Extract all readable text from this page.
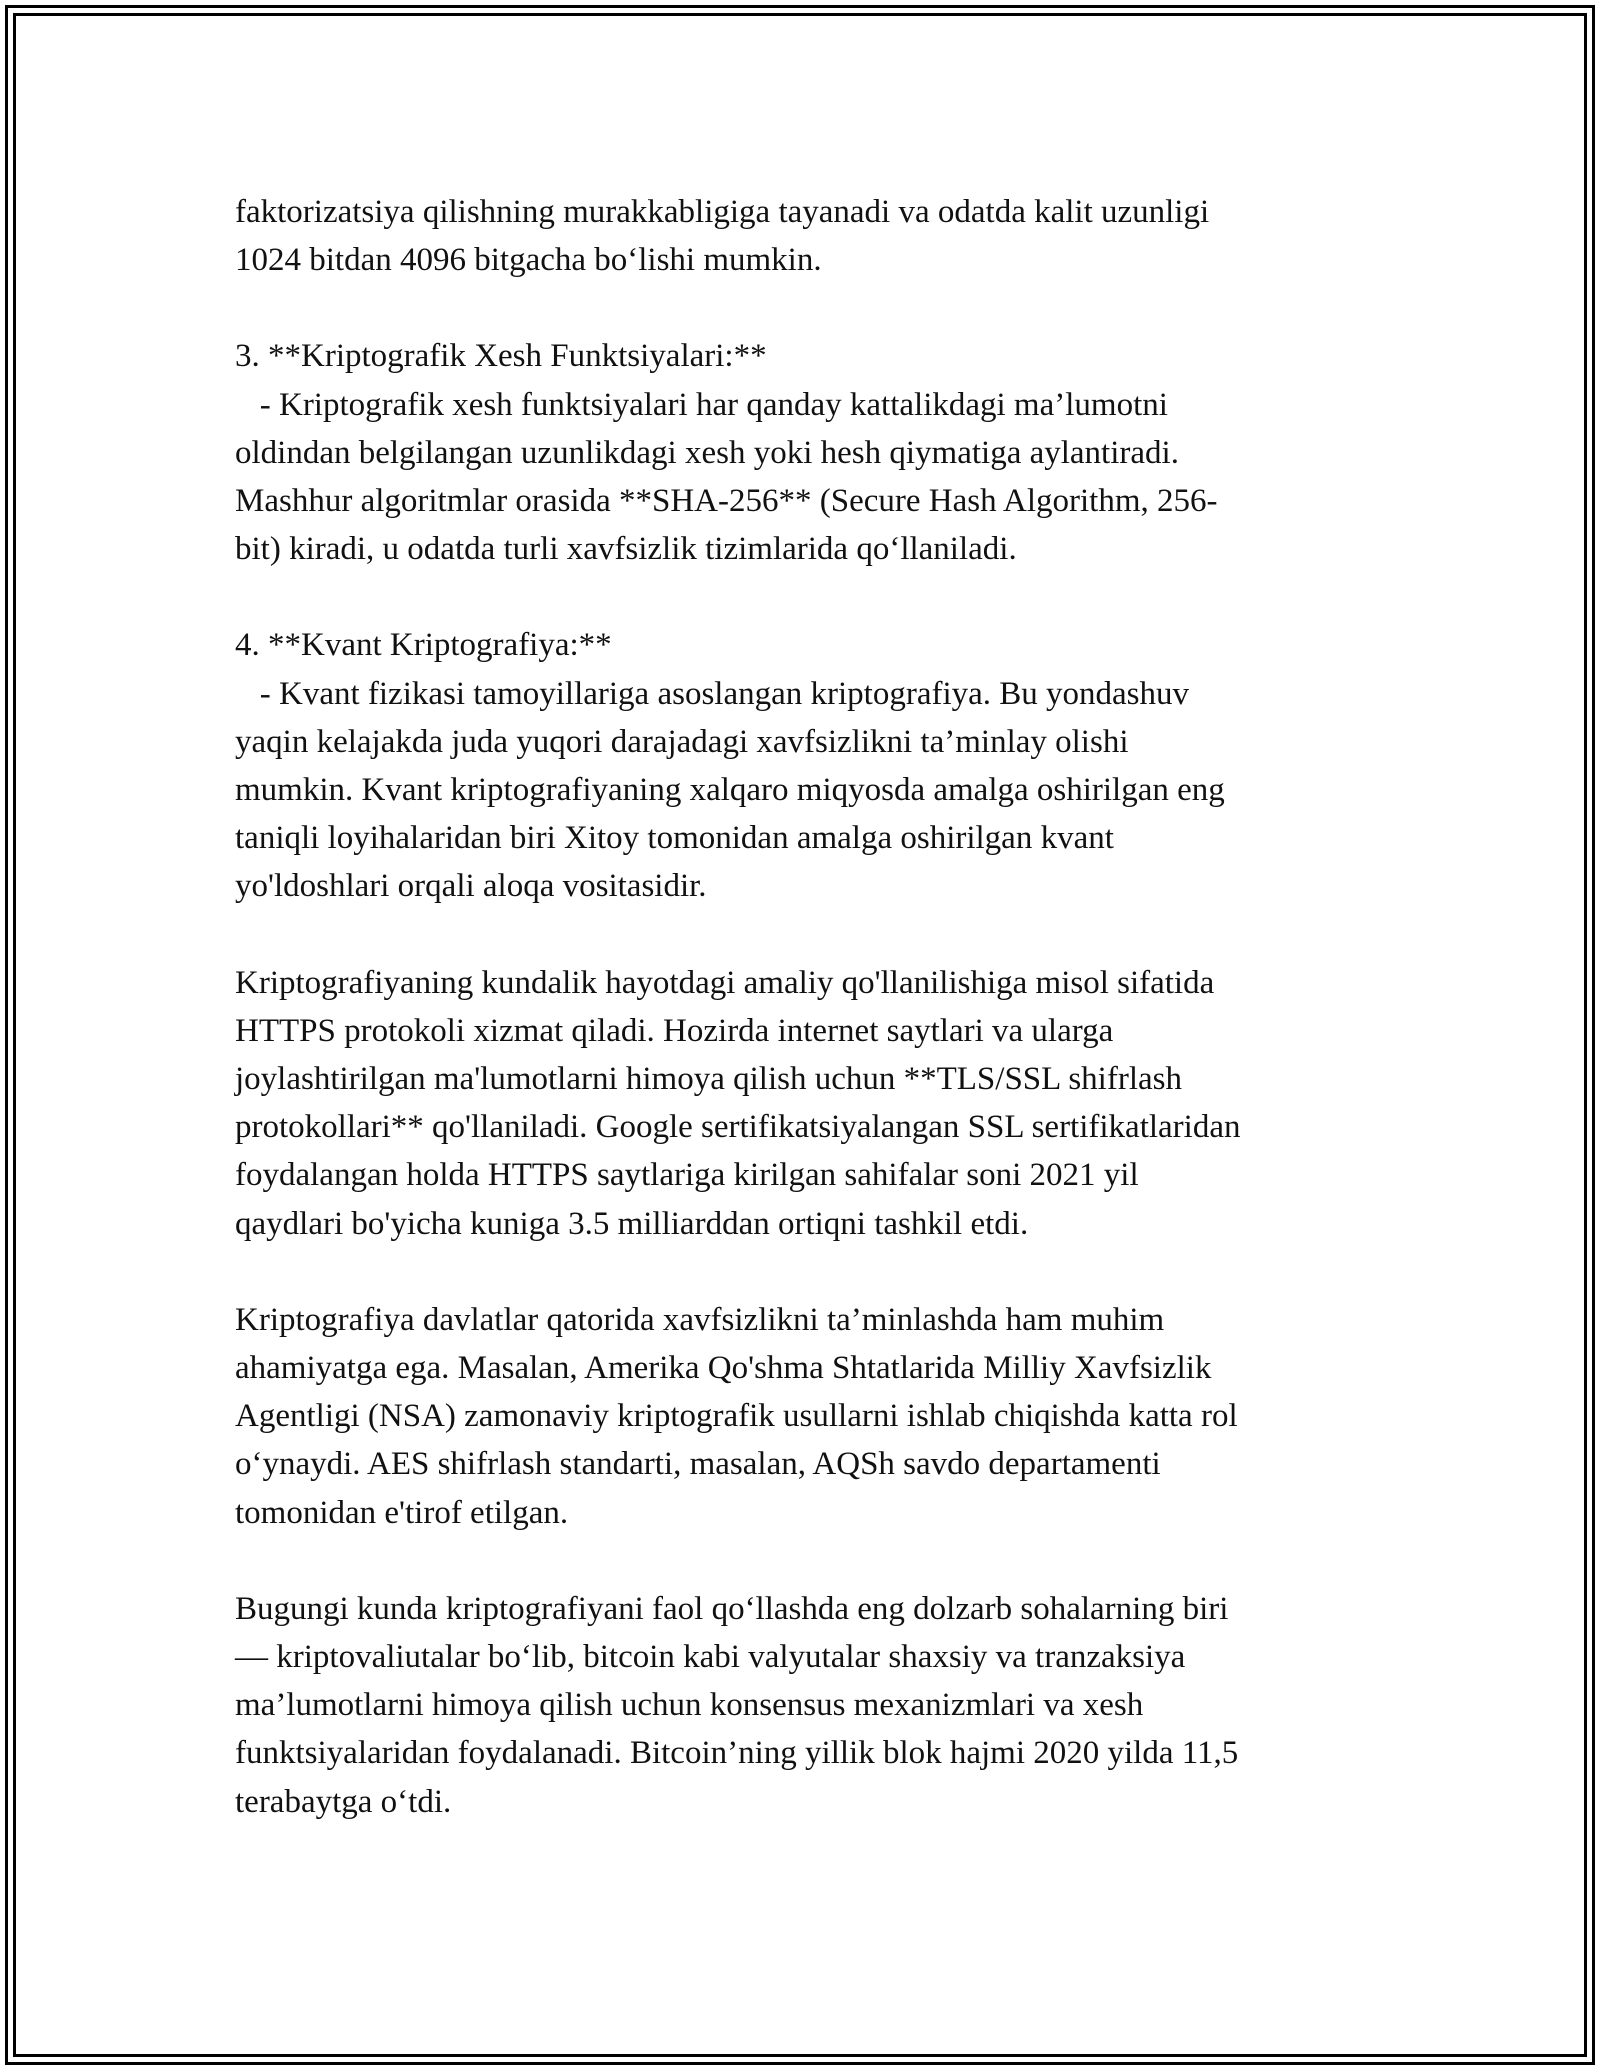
faktorizatsiya qilishning murakkabligiga tayanadi va odatda kalit uzunligi
1024 bitdan 4096 bitgacha bo‘lishi mumkin.

3. **Kriptografik Xesh Funktsiyalari:**
- Kriptografik xesh funktsiyalari har qanday kattalikdagi ma’lumotni
oldindan belgilangan uzunlikdagi xesh yoki hesh qiymatiga aylantiradi.
Mashhur algoritmlar orasida **SHA-256** (Secure Hash Algorithm, 256-
bit) kiradi, u odatda turli xavfsizlik tizimlarida qo‘llaniladi.

4. **Kvant Kriptografiya:**
- Kvant fizikasi tamoyillariga asoslangan kriptografiya. Bu yondashuv
yaqin kelajakda juda yuqori darajadagi xavfsizlikni ta’minlay olishi
mumkin. Kvant kriptografiyaning xalqaro miqyosda amalga oshirilgan eng
taniqli loyihalaridan biri Xitoy tomonidan amalga oshirilgan kvant
yo'ldoshlari orqali aloqa vositasidir.

Kriptografiyaning kundalik hayotdagi amaliy qo'llanilishiga misol sifatida
HTTPS protokoli xizmat qiladi. Hozirda internet saytlari va ularga
joylashtirilgan ma'lumotlarni himoya qilish uchun **TLS/SSL shifrlash
protokollari** qo'llaniladi. Google sertifikatsiyalangan SSL sertifikatlaridan
foydalangan holda HTTPS saytlariga kirilgan sahifalar soni 2021 yil
qaydlari bo'yicha kuniga 3.5 milliarddan ortiqni tashkil etdi.

Kriptografiya davlatlar qatorida xavfsizlikni ta’minlashda ham muhim
ahamiyatga ega. Masalan, Amerika Qo'shma Shtatlarida Milliy Xavfsizlik
Agentligi (NSA) zamonaviy kriptografik usullarni ishlab chiqishda katta rol
o‘ynaydi. AES shifrlash standarti, masalan, AQSh savdo departamenti
tomonidan e'tirof etilgan.

Bugungi kunda kriptografiyani faol qo‘llashda eng dolzarb sohalarning biri
— kriptovaliutalar bo‘lib, bitcoin kabi valyutalar shaxsiy va tranzaksiya
ma’lumotlarni himoya qilish uchun konsensus mexanizmlari va xesh
funktsiyalaridan foydalanadi. Bitcoin’ning yillik blok hajmi 2020 yilda 11,5
terabaytga o‘tdi.
